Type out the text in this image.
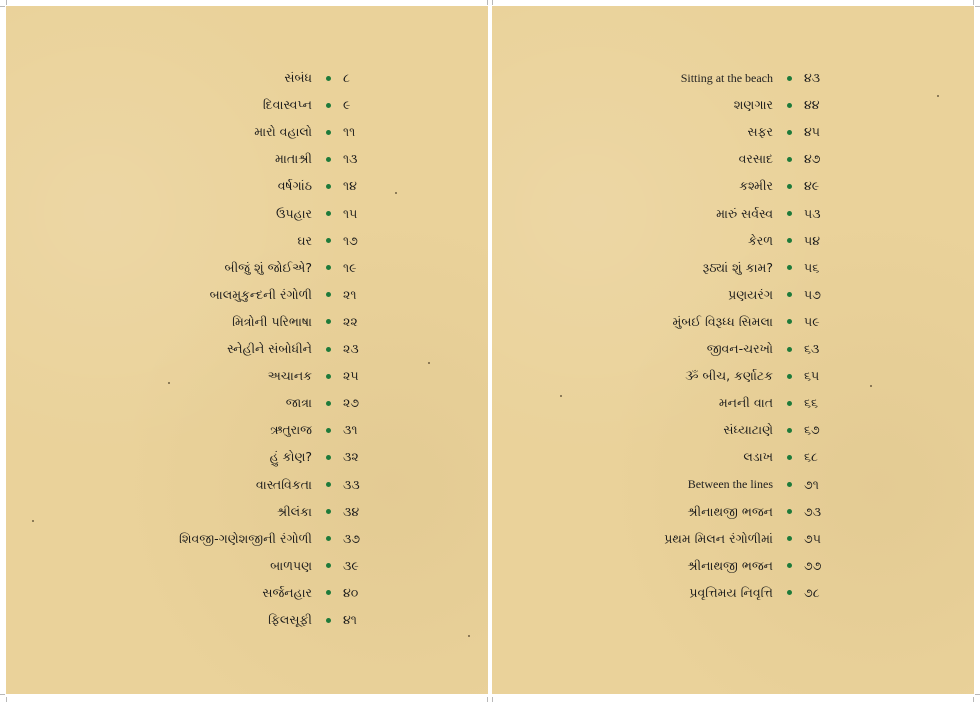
સંબંધ ૮
દિવાસ્વપ્ન ૯
મારો વહાલો ૧૧
માતાશ્રી ૧૩
વર્ષગાંઠ ૧૪
ઉપહાર ૧૫
ઘર ૧૭
બીજું શું જોઈએ? ૧૯
બાલમુકુન્દની રંગોળી ૨૧
મિત્રોની પરિભાષા ૨૨
સ્નેહીને સંબોધીને ૨૩
અચાનક ૨૫
જાત્રા ૨૭
ઋતુરાજ ૩૧
હું કોણ? ૩૨
વાસ્તવિકતા ૩૩
શ્રીલંકા ૩૪
શિવજી-ગણેશજીની રંગોળી ૩૭
બાળપણ ૩૯
સર્જનહાર ૪૦
ફિલસૂફી ૪૧
Sitting at the beach ૪૩
શણગાર ૪૪
સફર ૪૫
વરસાદ ૪૭
કશ્મીર ૪૯
મારું સર્વસ્વ ૫૩
કેરળ ૫૪
રૂઠ્યાં શું કામ? ૫૬
પ્રણયરંગ ૫૭
મુંબઈ વિરૂધ્ધ સિમલા ૫૯
જીવન-ચરખો ૬૩
ૐ બીચ, કર્ણાટક ૬૫
મનની વાત ૬૬
સંધ્યાટાણે ૬૭
લડાખ ૬૮
Between the lines ૭૧
શ્રીનાથજી ભજન ૭૩
પ્રથમ મિલન રંગોળીમાં ૭૫
શ્રીનાથજી ભજન ૭૭
પ્રવૃત્તિમય નિવૃત્તિ ૭૮
